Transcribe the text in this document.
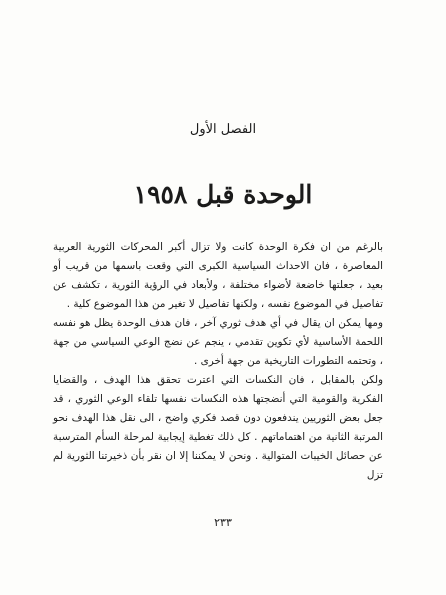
الفصل الأول
الوحدة قبل ١٩٥٨

بالرغم من ان فكرة الوحدة كانت ولا تزال أكبر المحركات الثورية العربية المعاصرة ، فان الاحداث السياسية الكبرى التي وقعت باسمها من قريب أو بعيد ، جعلتها خاضعة لأضواء مختلفة ، ولأبعاد في الرؤية الثورية ، تكشف عن تفاصيل في الموضوع نفسه ، ولكنها تفاصيل لا تغير من هذا الموضوع كلية .

ومها يمكن ان يقال في أي هدف ثوري آخر ، فان هدف الوحدة يظل هو نفسه اللحمة الأساسية لأي تكوين تقدمي ، ينجم عن نضج الوعي السياسي من جهة ، وتحتمه التطورات التاريخية من جهة أخرى .

ولكن بالمقابل ، فان النكسات التي اعترت تحقق هذا الهدف ، والقضايا الفكرية والقومية التي أنضجتها هذه النكسات نفسها تلقاء الوعي الثوري ، قد جعل بعض الثوريين يندفعون دون قصد فكري واضح ، الى نقل هذا الهدف نحو المرتبة الثانية من اهتماماتهم . كل ذلك تغطية إيجابية لمرحلة السأم المترسبة عن حصائل الخيبات المتوالية . ونحن لا يمكننا إلا ان نقر بأن ذخيرتنا الثورية لم تزل

٢٣٣
